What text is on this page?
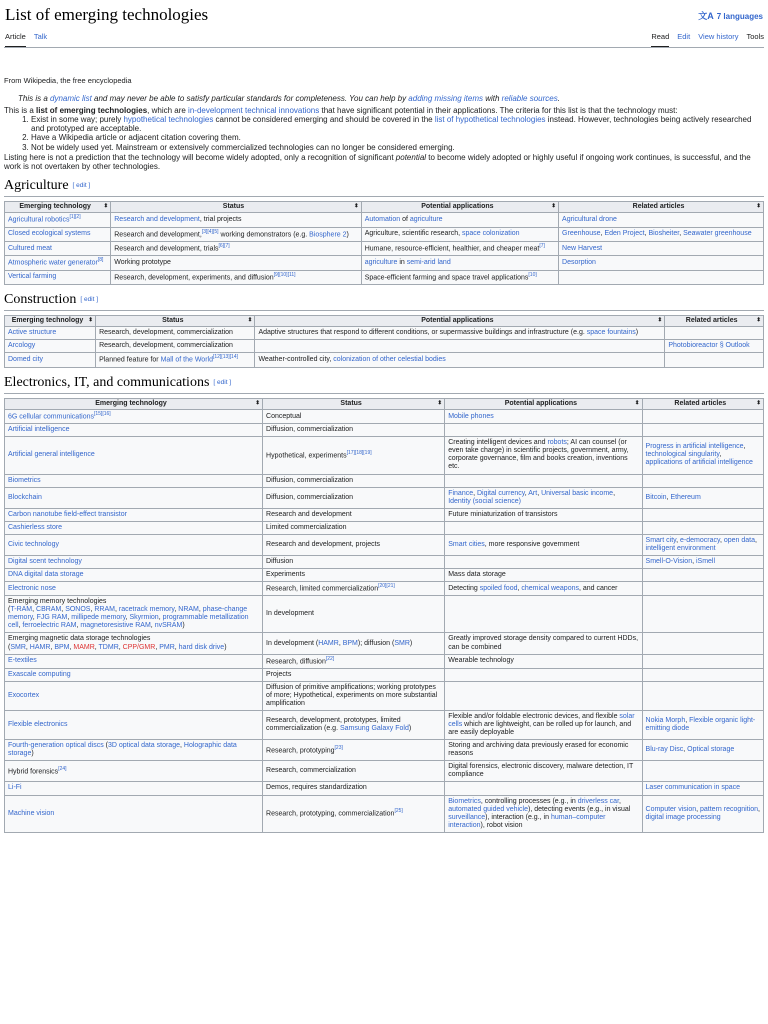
List of emerging technologies	文A 7 languages
Article Talk	Read Edit View history Tools
From Wikipedia, the free encyclopedia
This is a dynamic list and may never be able to satisfy particular standards for completeness. You can help by adding missing items with reliable sources.

This is a list of emerging technologies, which are in-development technical innovations that have significant potential in their applications. The criteria for this list is that the technology must:

1. Exist in some way; purely hypothetical technologies cannot be considered emerging and should be covered in the list of hypothetical technologies instead. However, technologies being actively researched and prototyped are acceptable.
2. Have a Wikipedia article or adjacent citation covering them.
3. Not be widely used yet. Mainstream or extensively commercialized technologies can no longer be considered emerging.

Listing here is not a prediction that the technology will become widely adopted, only a recognition of significant potential to become widely adopted or highly useful if ongoing work continues, is successful, and the work is not overtaken by other technologies.

Agriculture [ edit ]
Emerging technology ⬍	Status ⬍	Potential applications ⬍	Related articles ⬍
Agricultural robotics[1][2]	Research and development, trial projects	Automation of agriculture	Agricultural drone
Closed ecological systems	Research and development,[3][4][5] working demonstrators (e.g. Biosphere 2)	Agriculture, scientific research, space colonization	Greenhouse, Eden Project, Biosheiter, Seawater greenhouse
Cultured meat	Research and development, trials[6][7]	Humane, resource-efficient, healthier, and cheaper meat[7]	New Harvest
Atmospheric water generator[8]	Working prototype	agriculture in semi-arid land	Desorption
Vertical farming	Research, development, experiments, and diffusion[9][10][11]	Space-efficient farming and space travel applications[10]	
Construction [ edit ]
Emerging technology ⬍	Status ⬍	Potential applications ⬍	Related articles ⬍
Active structure	Research, development, commercialization	Adaptive structures that respond to different conditions, or supermassive buildings and infrastructure (e.g. space fountains)	
Arcology	Research, development, commercialization		Photobioreactor § Outlook
Domed city	Planned feature for Mall of the World[12][13][14]	Weather-controlled city, colonization of other celestial bodies	
Electronics, IT, and communications [ edit ]
Emerging technology ⬍	Status ⬍	Potential applications ⬍	Related articles ⬍
6G cellular communications[15][16]	Conceptual	Mobile phones	
Artificial intelligence	Diffusion, commercialization		
Artificial general intelligence	Hypothetical, experiments[17][18][19]	Creating intelligent devices and robots; AI can counsel (or even take charge) in scientific projects, government, army, corporate governance, film and books creation, inventions etc.	Progress in artificial intelligence, technological singularity, applications of artificial intelligence
Biometrics	Diffusion, commercialization		
Blockchain	Diffusion, commercialization	Finance, Digital currency, Art, Universal basic income, Identity (social science)	Bitcoin, Ethereum
Carbon nanotube field-effect transistor	Research and development	Future miniaturization of transistors	
Cashierless store	Limited commercialization		
Civic technology	Research and development, projects	Smart cities, more responsive government	Smart city, e-democracy, open data, intelligent environment
Digital scent technology	Diffusion		Smell-O-Vision, iSmell
DNA digital data storage	Experiments	Mass data storage	
Electronic nose	Research, limited commercialization[20][21]	Detecting spoiled food, chemical weapons, and cancer	
Emerging memory technologies
(T-RAM, CBRAM, SONOS, RRAM, racetrack memory, NRAM, phase-change memory, FJG RAM, millipede memory, Skyrmion, programmable metallization cell, ferroelectric RAM, magnetoresistive RAM, nvSRAM)	In development		
Emerging magnetic data storage technologies
(SMR, HAMR, BPM, MAMR, TDMR, CPP/GMR, PMR, hard disk drive)	In development (HAMR, BPM); diffusion (SMR)	Greatly improved storage density compared to current HDDs, can be combined	
E-textiles	Research, diffusion[22]	Wearable technology	
Exascale computing	Projects		
Exocortex	Diffusion of primitive amplifications; working prototypes of more; Hypothetical, experiments on more substantial amplification		
Flexible electronics	Research, development, prototypes, limited commercialization (e.g. Samsung Galaxy Fold)	Flexible and/or foldable electronic devices, and flexible solar cells which are lightweight, can be rolled up for launch, and are easily deployable	Nokia Morph, Flexible organic light-emitting diode
Fourth-generation optical discs (3D optical data storage, Holographic data storage)	Research, prototyping[23]	Storing and archiving data previously erased for economic reasons	Blu-ray Disc, Optical storage
Hybrid forensics[24]	Research, commercialization	Digital forensics, electronic discovery, malware detection, IT compliance	
Li-Fi	Demos, requires standardization		Laser communication in space
Machine vision	Research, prototyping, commercialization[25]	Biometrics, controlling processes (e.g., in driverless car, automated guided vehicle), detecting events (e.g., in visual surveillance), interaction (e.g., in human–computer interaction), robot vision	Computer vision, pattern recognition, digital image processing
